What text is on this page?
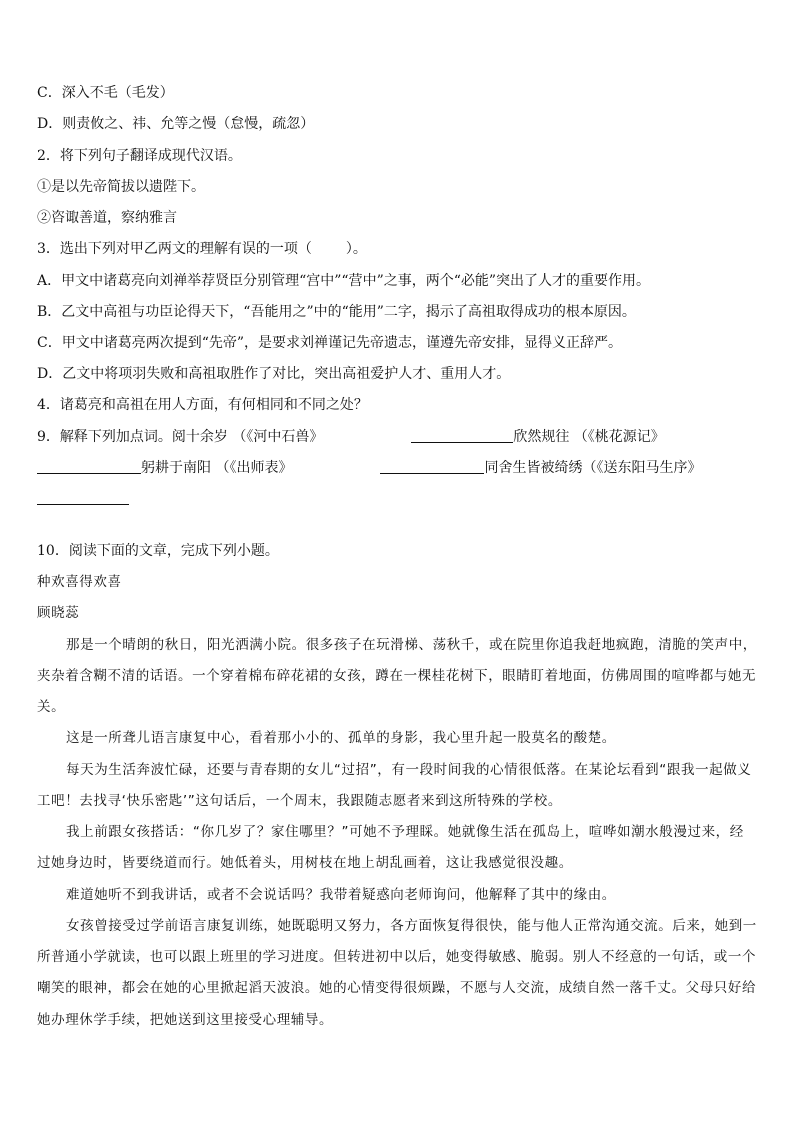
C．深入不毛（毛发）
D．则责攸之、祎、允等之慢（怠慢，疏忽）
2．将下列句子翻译成现代汉语。
①是以先帝简拔以遗陛下。
②咨诹善道，察纳雅言
3．选出下列对甲乙两文的理解有误的一项（ ）。
A．甲文中诸葛亮向刘禅举荐贤臣分别管理“宫中”“营中”之事，两个“必能”突出了人才的重要作用。
B．乙文中高祖与功臣论得天下，“吾能用之”中的“能用”二字，揭示了高祖取得成功的根本原因。
C．甲文中诸葛亮两次提到“先帝”，是要求刘禅谨记先帝遗志，谨遵先帝安排，显得义正辞严。
D．乙文中将项羽失败和高祖取胜作了对比，突出高祖爱护人才、重用人才。
4．诸葛亮和高祖在用人方面，有何相同和不同之处？
9．解释下列加点词。阅十余岁 （《河中石兽》	欣然规往 （《桃花源记》
躬耕于南阳 （《出师表》	同舍生皆被绮绣（《送东阳马生序》
10．阅读下面的文章，完成下列小题。
种欢喜得欢喜
顾晓蕊
那是一个晴朗的秋日，阳光洒满小院。很多孩子在玩滑梯、荡秋千，或在院里你追我赶地疯跑，清脆的笑声中，
夹杂着含糊不清的话语。一个穿着棉布碎花裙的女孩，蹲在一棵桂花树下，眼睛盯着地面，仿佛周围的喧哗都与她无
关。
这是一所聋儿语言康复中心，看着那小小的、孤单的身影，我心里升起一股莫名的酸楚。
每天为生活奔波忙碌，还要与青春期的女儿“过招”，有一段时间我的心情很低落。在某论坛看到“跟我一起做义
工吧！去找寻‘快乐密匙’”这句话后，一个周末，我跟随志愿者来到这所特殊的学校。
我上前跟女孩搭话：“你几岁了？家住哪里？”可她不予理睬。她就像生活在孤岛上，喧哗如潮水般漫过来，经
过她身边时，皆要绕道而行。她低着头，用树枝在地上胡乱画着，这让我感觉很没趣。
难道她听不到我讲话，或者不会说话吗？我带着疑惑向老师询问，他解释了其中的缘由。
女孩曾接受过学前语言康复训练，她既聪明又努力，各方面恢复得很快，能与他人正常沟通交流。后来，她到一
所普通小学就读，也可以跟上班里的学习进度。但转进初中以后，她变得敏感、脆弱。别人不经意的一句话，或一个
嘲笑的眼神，都会在她的心里掀起滔天波浪。她的心情变得很烦躁，不愿与人交流，成绩自然一落千丈。父母只好给
她办理休学手续，把她送到这里接受心理辅导。
